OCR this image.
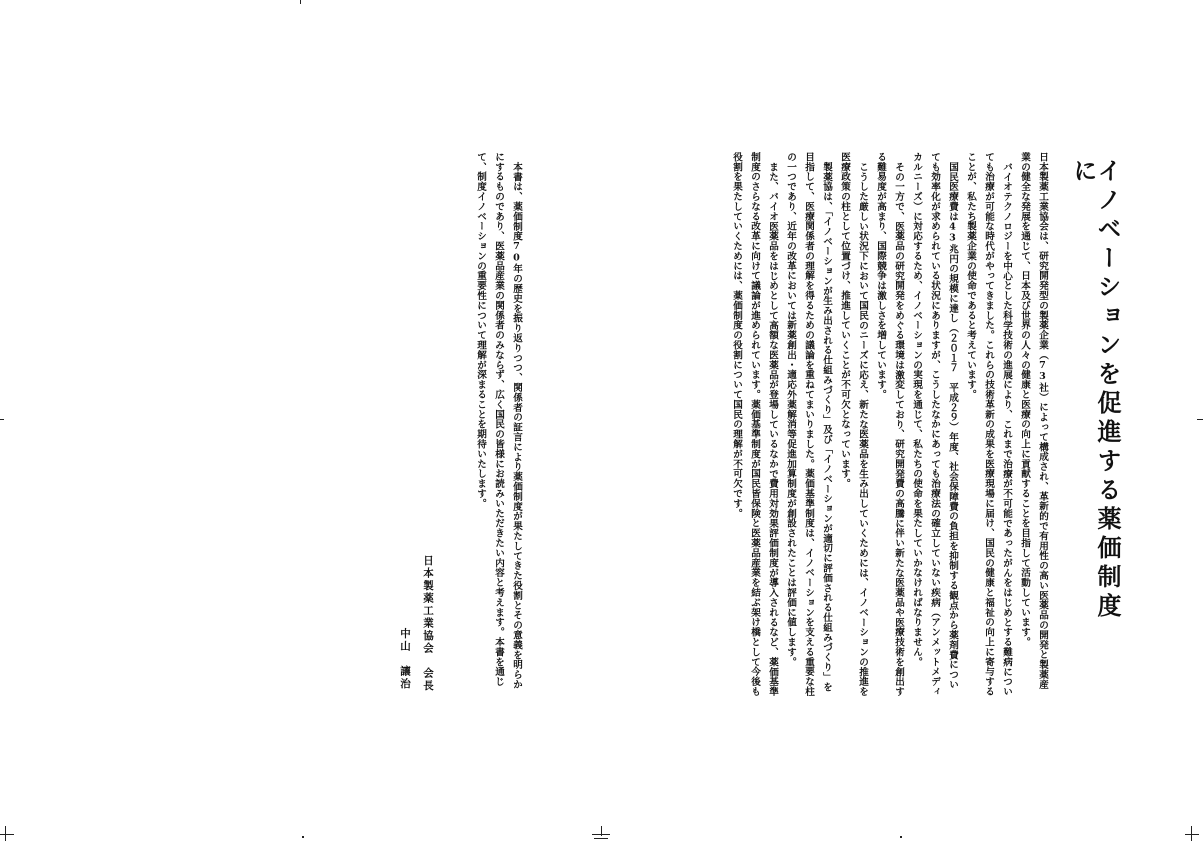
イノベーションを促進する薬価制度に

日本製薬工業協会は、研究開発型の製薬企業（73社）によって構成され、革新的で有用性の高い医薬品の開発と製薬産業の健全な発展を通じて、日本及び世界の人々の健康と医療の向上に貢献することを目指して活動しています。

バイオテクノロジーを中心とした科学技術の進展により、これまで治療が不可能であったがんをはじめとする難病についても治療が可能な時代がやってきました。これらの技術革新の成果を医療現場に届け、国民の健康と福祉の向上に寄与することが、私たち製薬企業の使命であると考えています。

国民医療費は43兆円の規模に達し（２０１７　平成２９）年度、社会保障費の負担を抑制する観点から薬剤費についても効率化が求められている状況にありますが、こうしたなかにあっても治療法の確立していない疾病（アンメットメディカルニーズ）に対応するため、イノベーションの実現を通じて、私たちの使命を果たしていかなければなりません。

その一方で、医薬品の研究開発をめぐる環境は激変しており、研究開発費の高騰に伴い新たな医薬品や医療技術を創出する難易度が高まり、国際競争は激しさを増しています。

こうした厳しい状況下において国民のニーズに応え、新たな医薬品を生み出していくためには、イノベーションの推進を医療政策の柱として位置づけ、推進していくことが不可欠となっています。

製薬協は、「イノベーションが生み出される仕組みづくり」及び「イノベーションが適切に評価される仕組みづくり」を目指して、医療関係者の理解を得るための議論を重ねてまいりました。薬価基準制度は、イノベーションを支える重要な柱の一つであり、近年の改革においては新薬創出・適応外薬解消等促進加算制度が創設されたことは評価に値します。

また、バイオ医薬品をはじめとして高額な医薬品が登場しているなかで費用対効果評価制度が導入されるなど、薬価基準制度のさらなる改革に向けて議論が進められています。薬価基準制度が国民皆保険と医薬品産業を結ぶ架け橋として今後も役割を果たしていくためには、薬価制度の役割について国民の理解が不可欠です。

本書は、薬価制度70年の歴史を振り返りつつ、関係者の証言により薬価制度が果たしてきた役割とその意義を明らかにするものであり、医薬品産業の関係者のみならず、広く国民の皆様にお読みいただきたい内容と考えます。本書を通じて、制度イノベーションの重要性について理解が深まることを期待いたします。

日本製薬工業協会　会長
中山　讓治
